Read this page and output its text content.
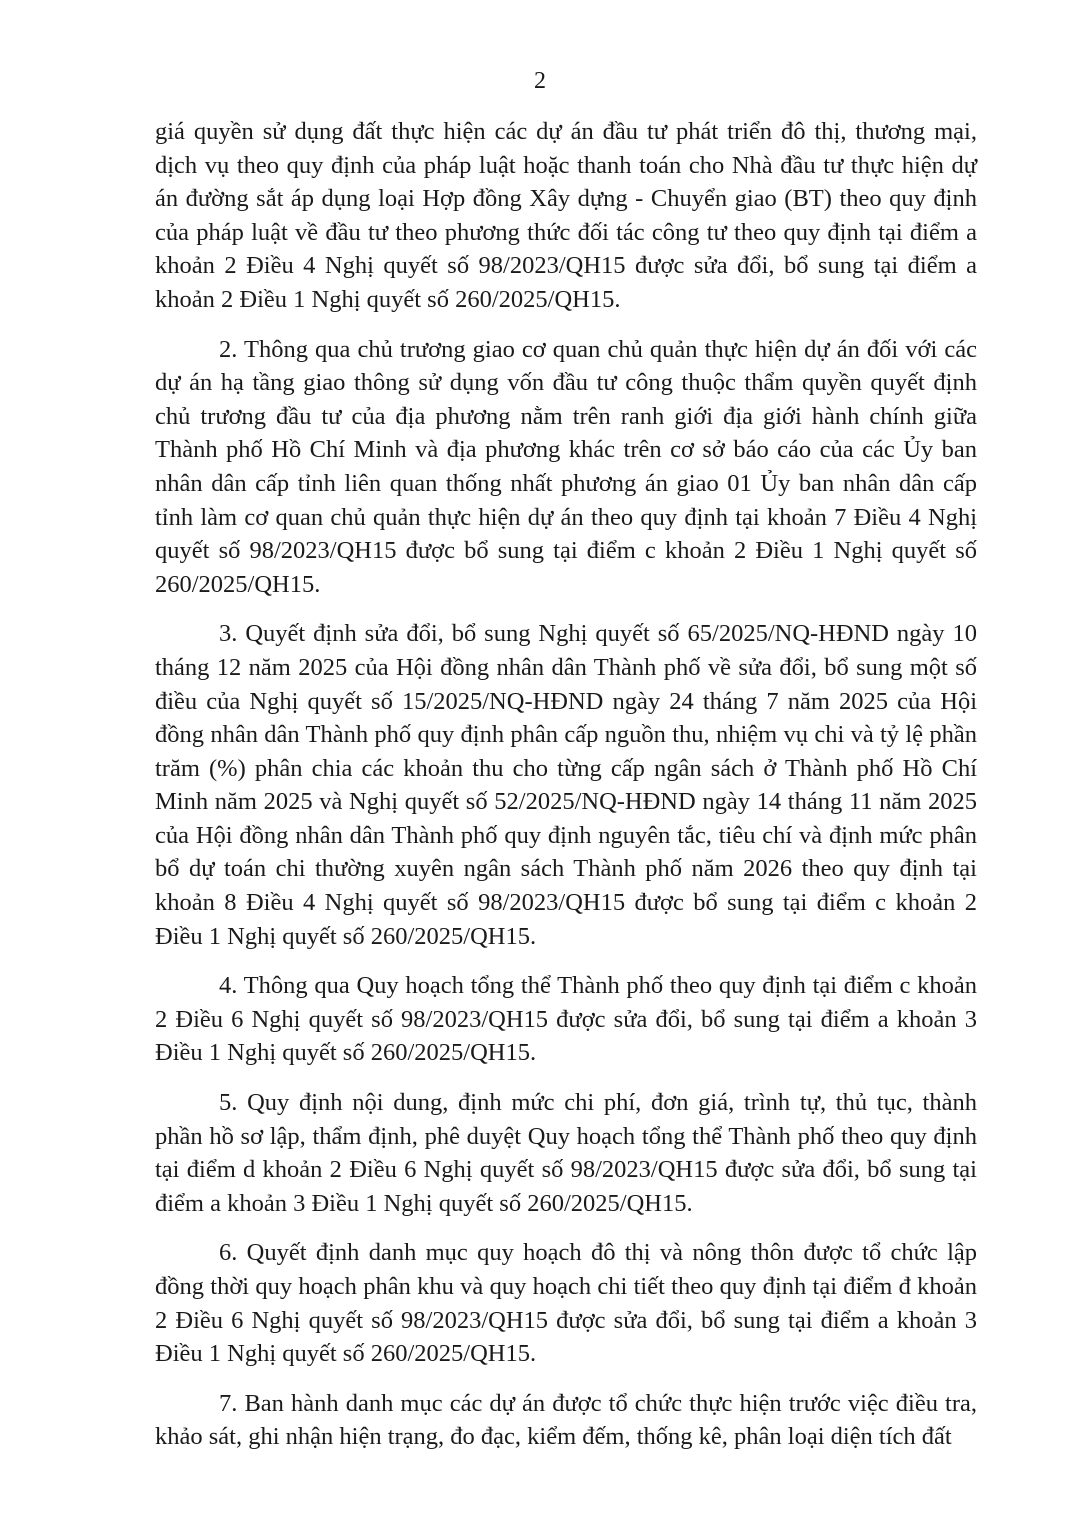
2

giá quyền sử dụng đất thực hiện các dự án đầu tư phát triển đô thị, thương mại, dịch vụ theo quy định của pháp luật hoặc thanh toán cho Nhà đầu tư thực hiện dự án đường sắt áp dụng loại Hợp đồng Xây dựng - Chuyển giao (BT) theo quy định của pháp luật về đầu tư theo phương thức đối tác công tư theo quy định tại điểm a khoản 2 Điều 4 Nghị quyết số 98/2023/QH15 được sửa đổi, bổ sung tại điểm a khoản 2 Điều 1 Nghị quyết số 260/2025/QH15.

2. Thông qua chủ trương giao cơ quan chủ quản thực hiện dự án đối với các dự án hạ tầng giao thông sử dụng vốn đầu tư công thuộc thẩm quyền quyết định chủ trương đầu tư của địa phương nằm trên ranh giới địa giới hành chính giữa Thành phố Hồ Chí Minh và địa phương khác trên cơ sở báo cáo của các Ủy ban nhân dân cấp tỉnh liên quan thống nhất phương án giao 01 Ủy ban nhân dân cấp tỉnh làm cơ quan chủ quản thực hiện dự án theo quy định tại khoản 7 Điều 4 Nghị quyết số 98/2023/QH15 được bổ sung tại điểm c khoản 2 Điều 1 Nghị quyết số 260/2025/QH15.

3. Quyết định sửa đổi, bổ sung Nghị quyết số 65/2025/NQ-HĐND ngày 10 tháng 12 năm 2025 của Hội đồng nhân dân Thành phố về sửa đổi, bổ sung một số điều của Nghị quyết số 15/2025/NQ-HĐND ngày 24 tháng 7 năm 2025 của Hội đồng nhân dân Thành phố quy định phân cấp nguồn thu, nhiệm vụ chi và tỷ lệ phần trăm (%) phân chia các khoản thu cho từng cấp ngân sách ở Thành phố Hồ Chí Minh năm 2025 và Nghị quyết số 52/2025/NQ-HĐND ngày 14 tháng 11 năm 2025 của Hội đồng nhân dân Thành phố quy định nguyên tắc, tiêu chí và định mức phân bổ dự toán chi thường xuyên ngân sách Thành phố năm 2026 theo quy định tại khoản 8 Điều 4 Nghị quyết số 98/2023/QH15 được bổ sung tại điểm c khoản 2 Điều 1 Nghị quyết số 260/2025/QH15.

4. Thông qua Quy hoạch tổng thể Thành phố theo quy định tại điểm c khoản 2 Điều 6 Nghị quyết số 98/2023/QH15 được sửa đổi, bổ sung tại điểm a khoản 3 Điều 1 Nghị quyết số 260/2025/QH15.

5. Quy định nội dung, định mức chi phí, đơn giá, trình tự, thủ tục, thành phần hồ sơ lập, thẩm định, phê duyệt Quy hoạch tổng thể Thành phố theo quy định tại điểm d khoản 2 Điều 6 Nghị quyết số 98/2023/QH15 được sửa đổi, bổ sung tại điểm a khoản 3 Điều 1 Nghị quyết số 260/2025/QH15.

6. Quyết định danh mục quy hoạch đô thị và nông thôn được tổ chức lập đồng thời quy hoạch phân khu và quy hoạch chi tiết theo quy định tại điểm đ khoản 2 Điều 6 Nghị quyết số 98/2023/QH15 được sửa đổi, bổ sung tại điểm a khoản 3 Điều 1 Nghị quyết số 260/2025/QH15.

7. Ban hành danh mục các dự án được tổ chức thực hiện trước việc điều tra, khảo sát, ghi nhận hiện trạng, đo đạc, kiểm đếm, thống kê, phân loại diện tích đất
